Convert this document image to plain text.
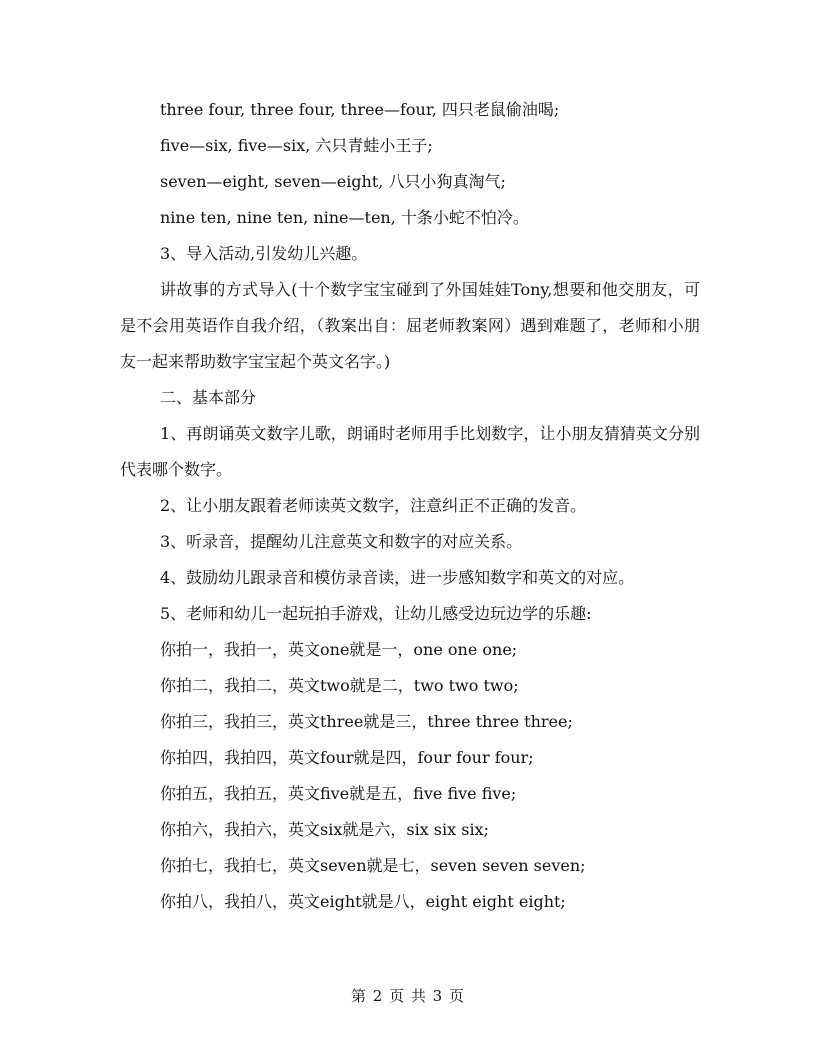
three four, three four, three—four, 四只老鼠偷油喝;
five—six, five—six, 六只青蛙小王子;
seven—eight, seven—eight, 八只小狗真淘气;
nine ten, nine ten, nine—ten, 十条小蛇不怕冷。
3、导入活动,引发幼儿兴趣。
讲故事的方式导入(十个数字宝宝碰到了外国娃娃Tony,想要和他交朋友，可是不会用英语作自我介绍，（教案出自：屈老师教案网）遇到难题了，老师和小朋友一起来帮助数字宝宝起个英文名字。)
二、基本部分
1、再朗诵英文数字儿歌，朗诵时老师用手比划数字，让小朋友猜猜英文分别代表哪个数字。
2、让小朋友跟着老师读英文数字，注意纠正不正确的发音。
3、听录音，提醒幼儿注意英文和数字的对应关系。
4、鼓励幼儿跟录音和模仿录音读，进一步感知数字和英文的对应。
5、老师和幼儿一起玩拍手游戏，让幼儿感受边玩边学的乐趣:
你拍一，我拍一，英文one就是一，one one one;
你拍二，我拍二，英文two就是二，two two two;
你拍三，我拍三，英文three就是三，three three three;
你拍四，我拍四，英文four就是四，four four four;
你拍五，我拍五，英文five就是五，five five five;
你拍六，我拍六，英文six就是六，six six six;
你拍七，我拍七，英文seven就是七，seven seven seven;
你拍八，我拍八，英文eight就是八，eight eight eight;
第 2 页 共 3 页
